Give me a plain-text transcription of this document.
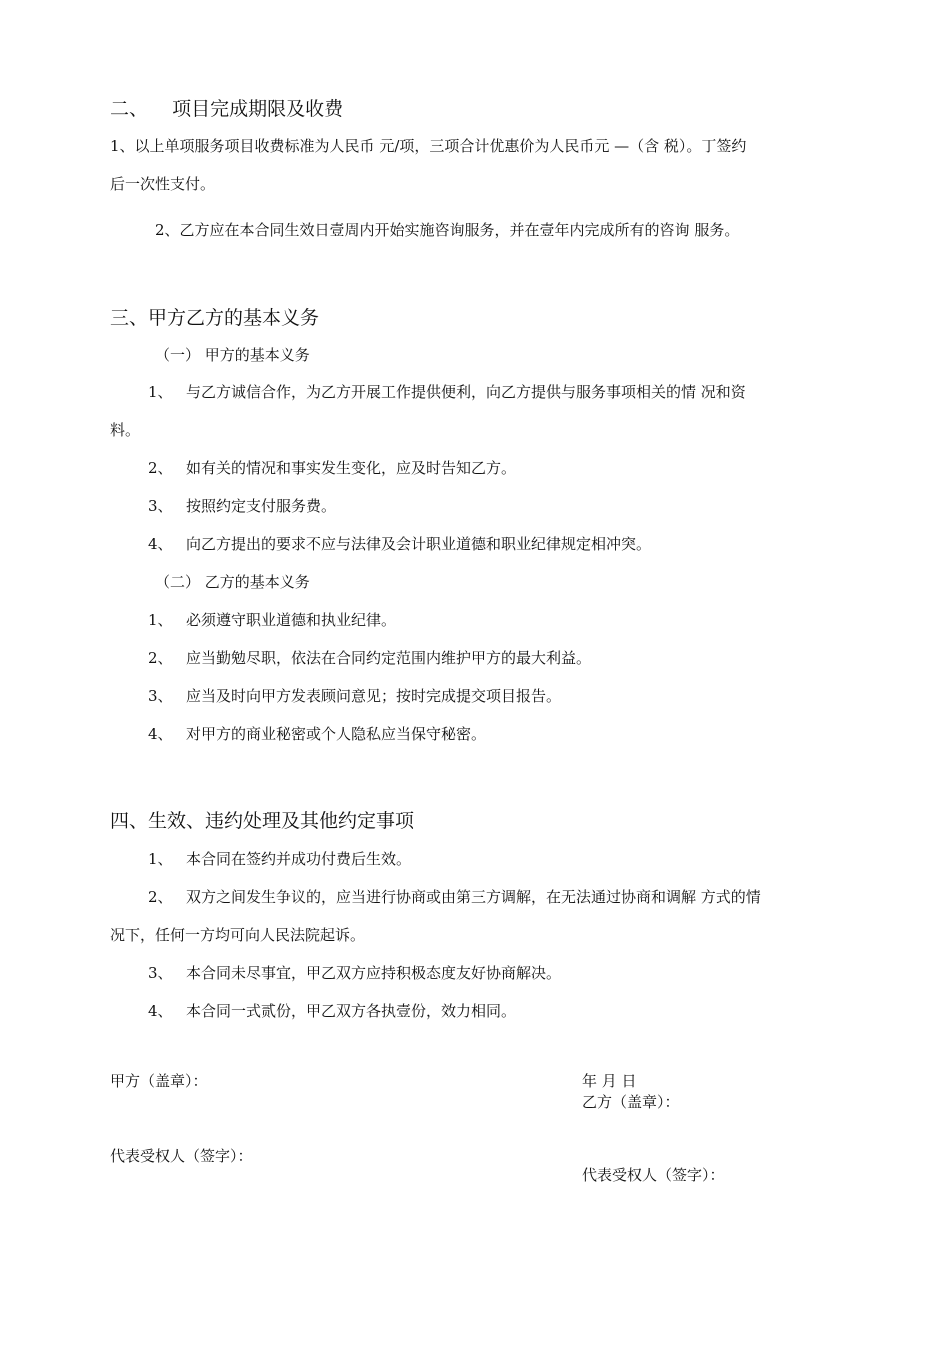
二、 项目完成期限及收费
1、以上单项服务项目收费标准为人民币 元/项，三项合计优惠价为人民币元 —（含 税）。丁签约
后一次性支付。
2、乙方应在本合同生效日壹周内开始实施咨询服务，并在壹年内完成所有的咨询 服务。
三、甲方乙方的基本义务
（一） 甲方的基本义务
1、 与乙方诚信合作，为乙方开展工作提供便利，向乙方提供与服务事项相关的情 况和资
料。
2、 如有关的情况和事实发生变化，应及时告知乙方。
3、 按照约定支付服务费。
4、 向乙方提出的要求不应与法律及会计职业道德和职业纪律规定相冲突。
（二） 乙方的基本义务
1、 必须遵守职业道德和执业纪律。
2、 应当勤勉尽职，依法在合同约定范围内维护甲方的最大利益。
3、 应当及时向甲方发表顾问意见；按时完成提交项目报告。
4、 对甲方的商业秘密或个人隐私应当保守秘密。
四、生效、违约处理及其他约定事项
1、 本合同在签约并成功付费后生效。
2、 双方之间发生争议的，应当进行协商或由第三方调解，在无法通过协商和调解 方式的情
况下，任何一方均可向人民法院起诉。
3、 本合同未尽事宜，甲乙双方应持积极态度友好协商解决。
4、 本合同一式贰份，甲乙双方各执壹份，效力相同。
甲方（盖章）：	年 月 日
乙方（盖章）：
代表受权人（签字）：
代表受权人（签字）：
